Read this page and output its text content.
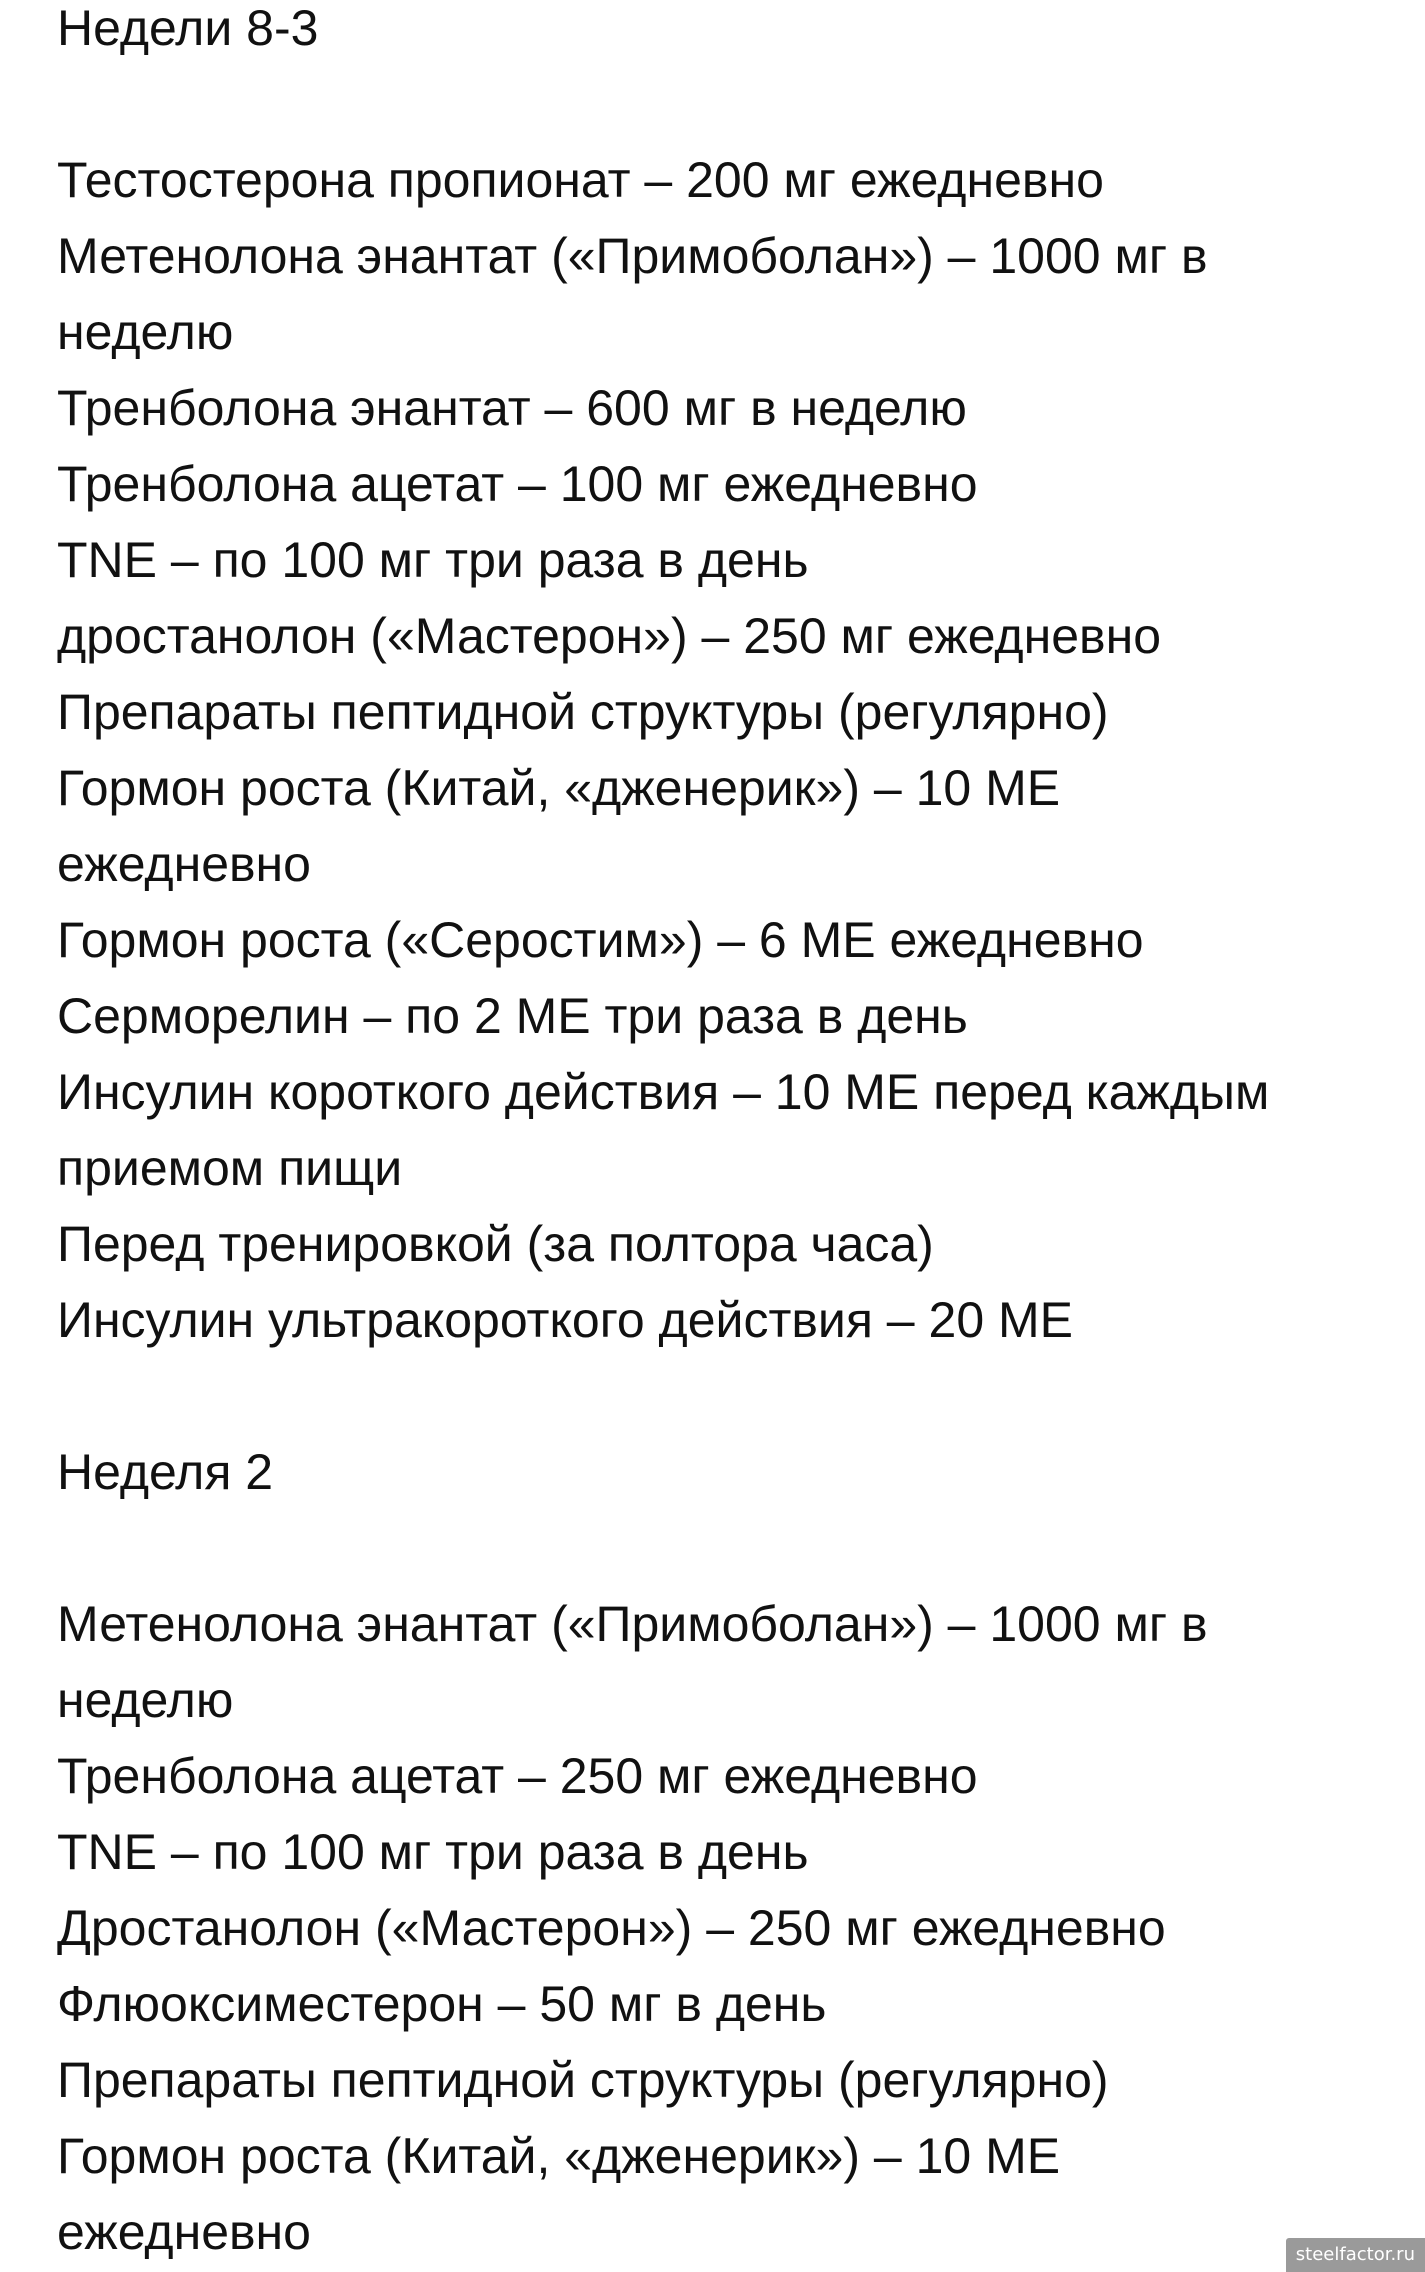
Недели 8-3

Тестостерона пропионат – 200 мг ежедневно
Метенолона энантат («Примоболан») – 1000 мг в
неделю
Тренболона энантат – 600 мг в неделю
Тренболона ацетат – 100 мг ежедневно
TNE – по 100 мг три раза в день
дростанолон («Мастерон») – 250 мг ежедневно
Препараты пептидной структуры (регулярно)
Гормон роста (Китай, «дженерик») – 10 МЕ
ежедневно
Гормон роста («Серостим») – 6 МЕ ежедневно
Серморелин – по 2 МЕ три раза в день
Инсулин короткого действия – 10 МЕ перед каждым
приемом пищи
Перед тренировкой (за полтора часа)
Инсулин ультракороткого действия – 20 МЕ

Неделя 2

Метенолона энантат («Примоболан») – 1000 мг в
неделю
Тренболона ацетат – 250 мг ежедневно
TNE – по 100 мг три раза в день
Дростанолон («Мастерон») – 250 мг ежедневно
Флюоксиместерон – 50 мг в день
Препараты пептидной структуры (регулярно)
Гормон роста (Китай, «дженерик») – 10 МЕ
ежедневно	steelfactor.ru
